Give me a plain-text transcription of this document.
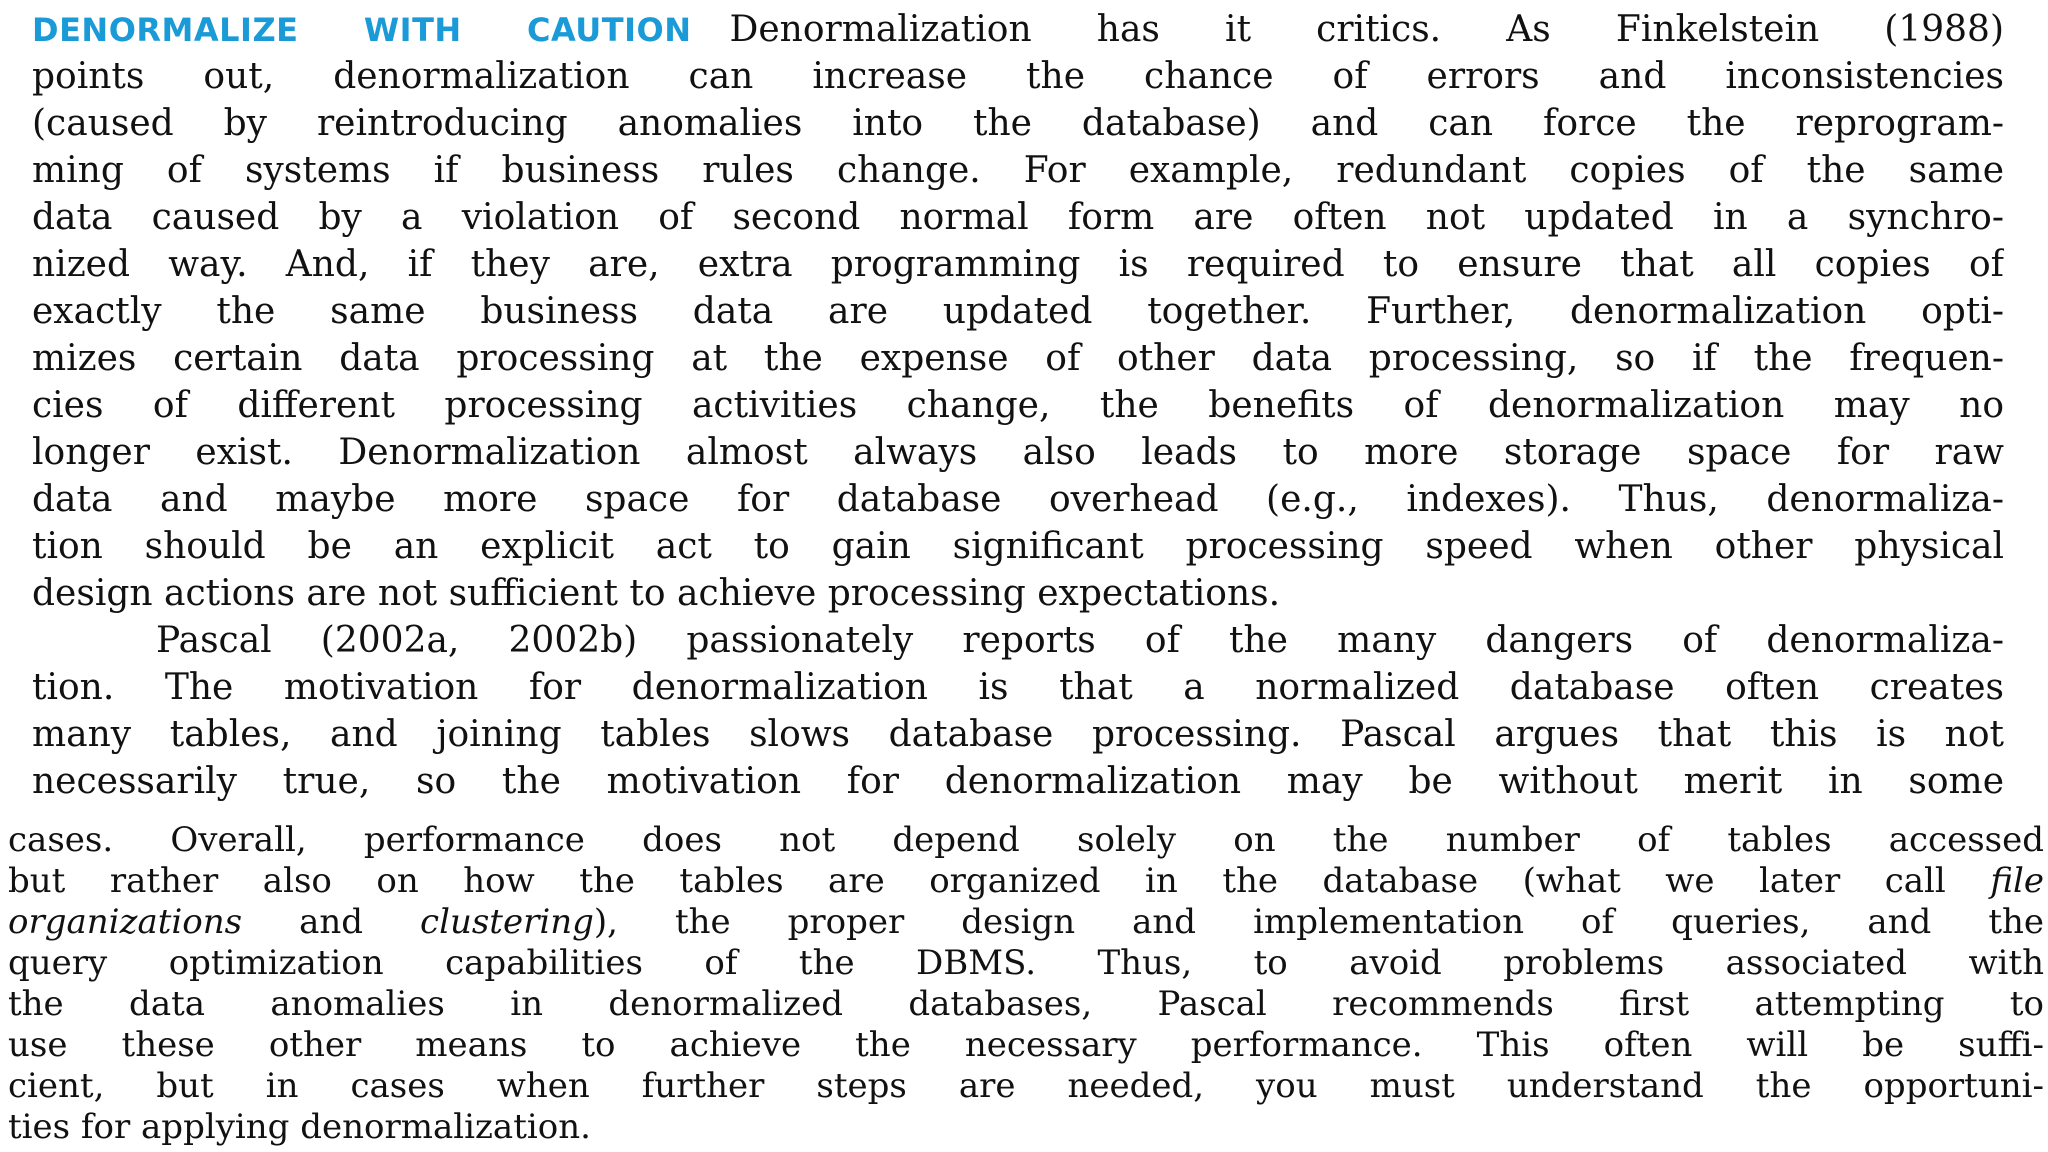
DENORMALIZE WITH CAUTION Denormalization has it critics. As Finkelstein (1988)
points out, denormalization can increase the chance of errors and inconsistencies
(caused by reintroducing anomalies into the database) and can force the reprogram-
ming of systems if business rules change. For example, redundant copies of the same
data caused by a violation of second normal form are often not updated in a synchro-
nized way. And, if they are, extra programming is required to ensure that all copies of
exactly the same business data are updated together. Further, denormalization opti-
mizes certain data processing at the expense of other data processing, so if the frequen-
cies of different processing activities change, the benefits of denormalization may no
longer exist. Denormalization almost always also leads to more storage space for raw
data and maybe more space for database overhead (e.g., indexes). Thus, denormaliza-
tion should be an explicit act to gain significant processing speed when other physical
design actions are not sufficient to achieve processing expectations.
Pascal (2002a, 2002b) passionately reports of the many dangers of denormaliza-
tion. The motivation for denormalization is that a normalized database often creates
many tables, and joining tables slows database processing. Pascal argues that this is not
necessarily true, so the motivation for denormalization may be without merit in some
cases. Overall, performance does not depend solely on the number of tables accessed
but rather also on how the tables are organized in the database (what we later call file
organizations and clustering), the proper design and implementation of queries, and the
query optimization capabilities of the DBMS. Thus, to avoid problems associated with
the data anomalies in denormalized databases, Pascal recommends first attempting to
use these other means to achieve the necessary performance. This often will be suffi-
cient, but in cases when further steps are needed, you must understand the opportuni-
ties for applying denormalization.
